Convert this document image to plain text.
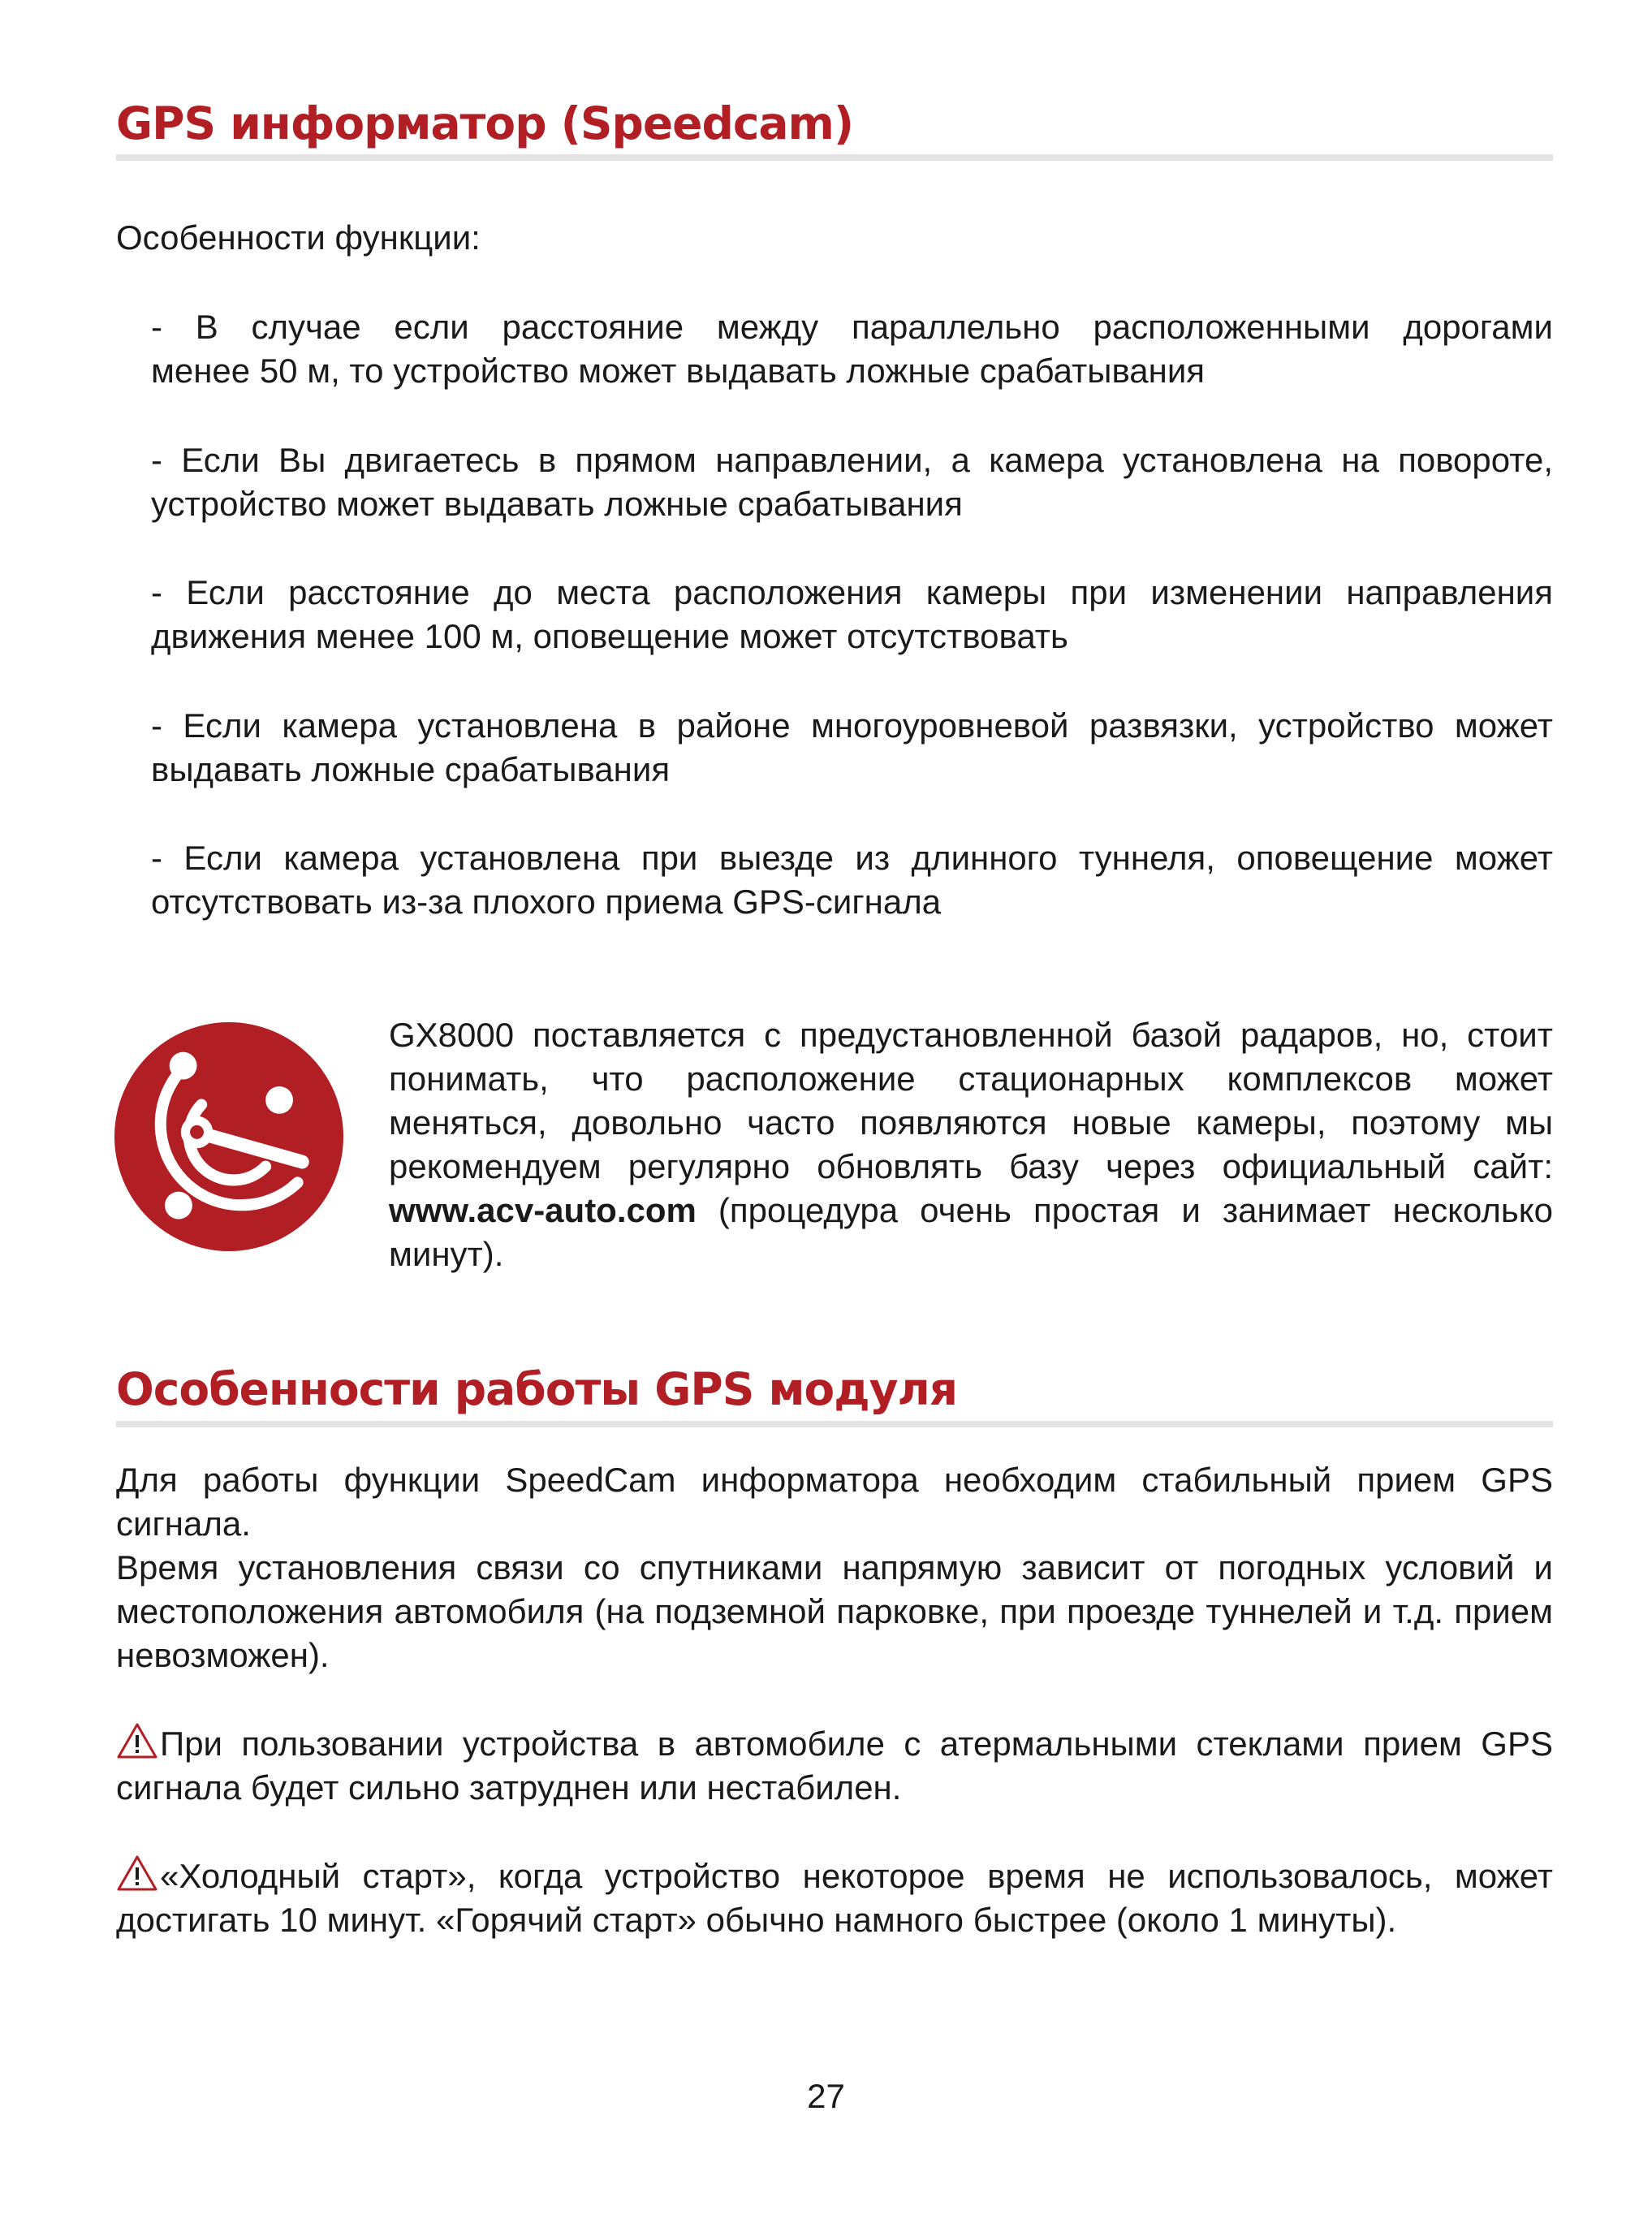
GPS информатор (Speedcam)

Особенности функции:

- В случае если расстояние между параллельно расположенными дорогами

менее 50 м, то устройство может выдавать ложные срабатывания

- Если Вы двигаетесь в прямом направлении, а камера установлена на повороте,

устройство может выдавать ложные срабатывания

- Если расстояние до места расположения камеры при изменении направления

движения менее 100 м, оповещение может отсутствовать

- Если камера установлена в районе многоуровневой развязки, устройство может

выдавать ложные срабатывания

- Если камера установлена при выезде из длинного туннеля, оповещение может

отсутствовать из-за плохого приема GPS-сигнала

GX8000 поставляется с предустановленной базой радаров, но, стоит понимать, что расположение стационарных комплексов может меняться, довольно часто появляются новые камеры, поэтому мы рекомендуем регулярно обновлять базу через официальный сайт: www.acv-auto.com (процедура очень простая и занимает несколько минут).

Особенности работы GPS модуля

Для работы функции SpeedCam информатора необходим стабильный прием GPS сигнала.

Время установления связи со спутниками напрямую зависит от погодных условий и местоположения автомобиля (на подземной парковке, при проезде туннелей и т.д. прием невозможен).

При пользовании устройства в автомобиле с атермальными стеклами прием GPS сигнала будет сильно затруднен или нестабилен.

«Холодный старт», когда устройство некоторое время не использовалось, может достигать 10 минут. «Горячий старт» обычно намного быстрее (около 1 минуты).

27
